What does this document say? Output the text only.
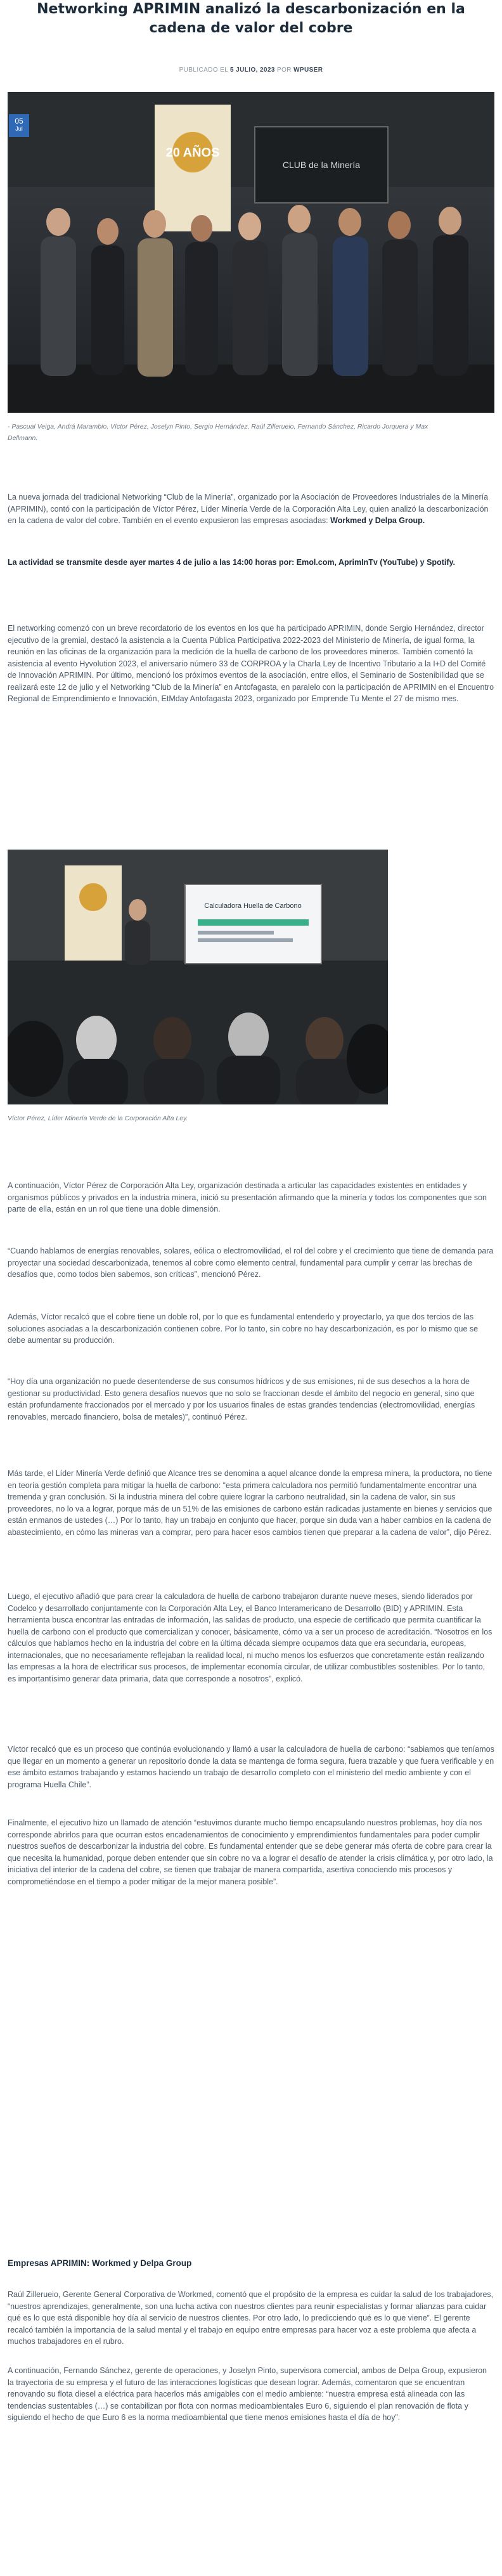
Networking APRIMIN analizó la descarbonización en la cadena de valor del cobre
PUBLICADO EL 5 JULIO, 2023 POR WPUSER
20 AÑOS
CLUB de la Minería
05
Jul
- Pascual Veiga, Andrá Marambio, Víctor Pérez, Joselyn Pinto, Sergio Hernández, Raúl Zillerueio, Fernando Sánchez, Ricardo Jorquera y Max Dellmann.

La nueva jornada del tradicional Networking “Club de la Minería”, organizado por la Asociación de Proveedores Industriales de la Minería (APRIMIN), contó con la participación de Víctor Pérez, Líder Minería Verde de la Corporación Alta Ley, quien analizó la descarbonización en la cadena de valor del cobre. También en el evento expusieron las empresas asociadas: Workmed y Delpa Group.

La actividad se transmite desde ayer martes 4 de julio a las 14:00 horas por: Emol.com, AprimInTv (YouTube) y Spotify.

El networking comenzó con un breve recordatorio de los eventos en los que ha participado APRIMIN, donde Sergio Hernández, director ejecutivo de la gremial, destacó la asistencia a la Cuenta Pública Participativa 2022-2023 del Ministerio de Minería, de igual forma, la reunión en las oficinas de la organización para la medición de la huella de carbono de los proveedores mineros. También comentó la asistencia al evento Hyvolution 2023, el aniversario número 33 de CORPROA y la Charla Ley de Incentivo Tributario a la I+D del Comité de Innovación APRIMIN. Por último, mencionó los próximos eventos de la asociación, entre ellos, el Seminario de Sostenibilidad que se realizará este 12 de julio y el Networking “Club de la Minería” en Antofagasta, en paralelo con la participación de APRIMIN en el Encuentro Regional de Emprendimiento e Innovación, EtMday Antofagasta 2023, organizado por Emprende Tu Mente el 27 de mismo mes.

Calculadora Huella de Carbono
Víctor Pérez, Líder Minería Verde de la Corporación Alta Ley.

A continuación, Víctor Pérez de Corporación Alta Ley, organización destinada a articular las capacidades existentes en entidades y organismos públicos y privados en la industria minera, inició su presentación afirmando que la minería y todos los componentes que son parte de ella, están en un rol que tiene una doble dimensión.

“Cuando hablamos de energías renovables, solares, eólica o electromovilidad, el rol del cobre y el crecimiento que tiene de demanda para proyectar una sociedad descarbonizada, tenemos al cobre como elemento central, fundamental para cumplir y cerrar las brechas de desafíos que, como todos bien sabemos, son críticas”, mencionó Pérez.

Además, Víctor recalcó que el cobre tiene un doble rol, por lo que es fundamental entenderlo y proyectarlo, ya que dos tercios de las soluciones asociadas a la descarbonización contienen cobre. Por lo tanto, sin cobre no hay descarbonización, es por lo mismo que se debe aumentar su producción.

“Hoy día una organización no puede desentenderse de sus consumos hídricos y de sus emisiones, ni de sus desechos a la hora de gestionar su productividad. Esto genera desafíos nuevos que no solo se fraccionan desde el ámbito del negocio en general, sino que están profundamente fraccionados por el mercado y por los usuarios finales de estas grandes tendencias (electromovilidad, energías renovables, mercado financiero, bolsa de metales)”, continuó Pérez.

Más tarde, el Líder Minería Verde definió que Alcance tres se denomina a aquel alcance donde la empresa minera, la productora, no tiene en teoría gestión completa para mitigar la huella de carbono: “esta primera calculadora nos permitió fundamentalmente encontrar una tremenda y gran conclusión. Si la industria minera del cobre quiere lograr la carbono neutralidad, sin la cadena de valor, sin sus proveedores, no lo va a lograr, porque más de un 51% de las emisiones de carbono están radicadas justamente en bienes y servicios que están enmanos de ustedes (…) Por lo tanto, hay un trabajo en conjunto que hacer, porque sin duda van a haber cambios en la cadena de abastecimiento, en cómo las mineras van a comprar, pero para hacer esos cambios tienen que preparar a la cadena de valor”, dijo Pérez.

Luego, el ejecutivo añadió que para crear la calculadora de huella de carbono trabajaron durante nueve meses, siendo liderados por Codelco y desarrollado conjuntamente con la Corporación Alta Ley, el Banco Interamericano de Desarrollo (BID) y APRIMIN. Esta herramienta busca encontrar las entradas de información, las salidas de producto, una especie de certificado que permita cuantificar la huella de carbono con el producto que comercializan y conocer, básicamente, cómo va a ser un proceso de acreditación. “Nosotros en los cálculos que habíamos hecho en la industria del cobre en la última década siempre ocupamos data que era secundaria, europeas, internacionales, que no necesariamente reflejaban la realidad local, ni mucho menos los esfuerzos que concretamente están realizando las empresas a la hora de electrificar sus procesos, de implementar economía circular, de utilizar combustibles sostenibles. Por lo tanto, es importantísimo generar data primaria, data que corresponde a nosotros”, explicó.

Víctor recalcó que es un proceso que continúa evolucionando y llamó a usar la calculadora de huella de carbono: “sabiamos que teníamos que llegar en un momento a generar un repositorio donde la data se mantenga de forma segura, fuera trazable y que fuera verificable y en ese ámbito estamos trabajando y estamos haciendo un trabajo de desarrollo completo con el ministerio del medio ambiente y con el programa Huella Chile”.

Finalmente, el ejecutivo hizo un llamado de atención “estuvimos durante mucho tiempo encapsulando nuestros problemas, hoy día nos corresponde abrirlos para que ocurran estos encadenamientos de conocimiento y emprendimientos fundamentales para poder cumplir nuestros sueños de descarbonizar la industria del cobre. Es fundamental entender que se debe generar más oferta de cobre para crear la que necesita la humanidad, porque deben entender que sin cobre no va a lograr el desafío de atender la crisis climática y, por otro lado, la iniciativa del interior de la cadena del cobre, se tienen que trabajar de manera compartida, asertiva conociendo mis procesos y comprometiéndose en el tiempo a poder mitigar de la mejor manera posible”.

Empresas APRIMIN: Workmed y Delpa Group

Raúl Zillerueio, Gerente General Corporativa de Workmed, comentó que el propósito de la empresa es cuidar la salud de los trabajadores, “nuestros aprendizajes, generalmente, son una lucha activa con nuestros clientes para reunir especialistas y formar alianzas para cuidar qué es lo que está disponible hoy día al servicio de nuestros clientes. Por otro lado, lo predicciendo qué es lo que viene”. El gerente recalcó también la importancia de la salud mental y el trabajo en equipo entre empresas para hacer voz a este problema que afecta a muchos trabajadores en el rubro.

A continuación, Fernando Sánchez, gerente de operaciones, y Joselyn Pinto, supervisora comercial, ambos de Delpa Group, expusieron la trayectoria de su empresa y el futuro de las interacciones logísticas que desean lograr. Además, comentaron que se encuentran renovando su flota diesel a eléctrica para hacerlos más amigables con el medio ambiente: “nuestra empresa está alineada con las tendencias sustentables (…) se contabilizan por flota con normas medioambientales Euro 6, siguiendo el plan renovación de flota y siguiendo el hecho de que Euro 6 es la norma medioambiental que tiene menos emisiones hasta el día de hoy”.
